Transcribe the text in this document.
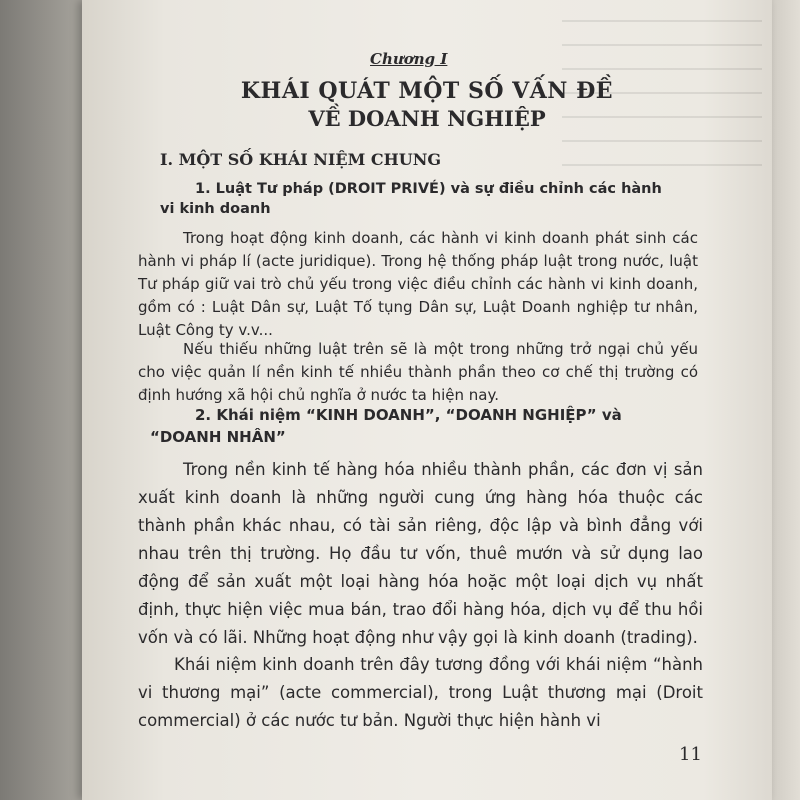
Chương I
KHÁI QUÁT MỘT SỐ VẤN ĐỀ
VỀ DOANH NGHIỆP
I. MỘT SỐ KHÁI NIỆM CHUNG
1. Luật Tư pháp (DROIT PRIVÉ) và sự điều chỉnh các hành
vi kinh doanh

Trong hoạt động kinh doanh, các hành vi kinh doanh phát sinh các hành vi pháp lí (acte juridique). Trong hệ thống pháp luật trong nước, luật Tư pháp giữ vai trò chủ yếu trong việc điều chỉnh các hành vi kinh doanh, gồm có : Luật Dân sự, Luật Tố tụng Dân sự, Luật Doanh nghiệp tư nhân, Luật Công ty v.v...

Nếu thiếu những luật trên sẽ là một trong những trở ngại chủ yếu cho việc quản lí nền kinh tế nhiều thành phần theo cơ chế thị trường có định hướng xã hội chủ nghĩa ở nước ta hiện nay.

2. Khái niệm “KINH DOANH”, “DOANH NGHIỆP” và
“DOANH NHÂN”

Trong nền kinh tế hàng hóa nhiều thành phần, các đơn vị sản xuất kinh doanh là những người cung ứng hàng hóa thuộc các thành phần khác nhau, có tài sản riêng, độc lập và bình đẳng với nhau trên thị trường. Họ đầu tư vốn, thuê mướn và sử dụng lao động để sản xuất một loại hàng hóa hoặc một loại dịch vụ nhất định, thực hiện việc mua bán, trao đổi hàng hóa, dịch vụ để thu hồi vốn và có lãi. Những hoạt động như vậy gọi là kinh doanh (trading).

Khái niệm kinh doanh trên đây tương đồng với khái niệm “hành vi thương mại” (acte commercial), trong Luật thương mại (Droit commercial) ở các nước tư bản. Người thực hiện hành vi

11
